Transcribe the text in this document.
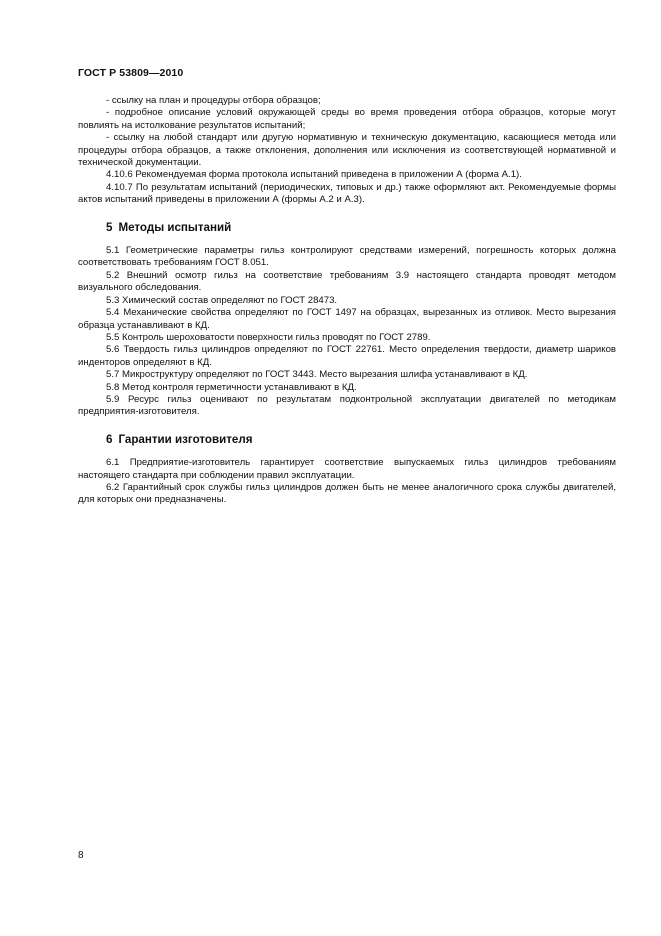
ГОСТ Р 53809—2010

- ссылку на план и процедуры отбора образцов;

- подробное описание условий окружающей среды во время проведения отбора образцов, которые могут повлиять на истолкование результатов испытаний;

- ссылку на любой стандарт или другую нормативную и техническую документацию, касающиеся метода или процедуры отбора образцов, а также отклонения, дополнения или исключения из соответствующей нормативной и технической документации.

4.10.6 Рекомендуемая форма протокола испытаний приведена в приложении А (форма А.1).

4.10.7 По результатам испытаний (периодических, типовых и др.) также оформляют акт. Рекомендуемые формы актов испытаний приведены в приложении А (формы А.2 и А.3).

5 Методы испытаний

5.1 Геометрические параметры гильз контролируют средствами измерений, погрешность которых должна соответствовать требованиям ГОСТ 8.051.

5.2 Внешний осмотр гильз на соответствие требованиям 3.9 настоящего стандарта проводят методом визуального обследования.

5.3 Химический состав определяют по ГОСТ 28473.

5.4 Механические свойства определяют по ГОСТ 1497 на образцах, вырезанных из отливок. Место вырезания образца устанавливают в КД.

5.5 Контроль шероховатости поверхности гильз проводят по ГОСТ 2789.

5.6 Твердость гильз цилиндров определяют по ГОСТ 22761. Место определения твердости, диаметр шариков инденторов определяют в КД.

5.7 Микроструктуру определяют по ГОСТ 3443. Место вырезания шлифа устанавливают в КД.

5.8 Метод контроля герметичности устанавливают в КД.

5.9 Ресурс гильз оценивают по результатам подконтрольной эксплуатации двигателей по методикам предприятия-изготовителя.

6 Гарантии изготовителя

6.1 Предприятие-изготовитель гарантирует соответствие выпускаемых гильз цилиндров требованиям настоящего стандарта при соблюдении правил эксплуатации.

6.2 Гарантийный срок службы гильз цилиндров должен быть не менее аналогичного срока службы двигателей, для которых они предназначены.

8
